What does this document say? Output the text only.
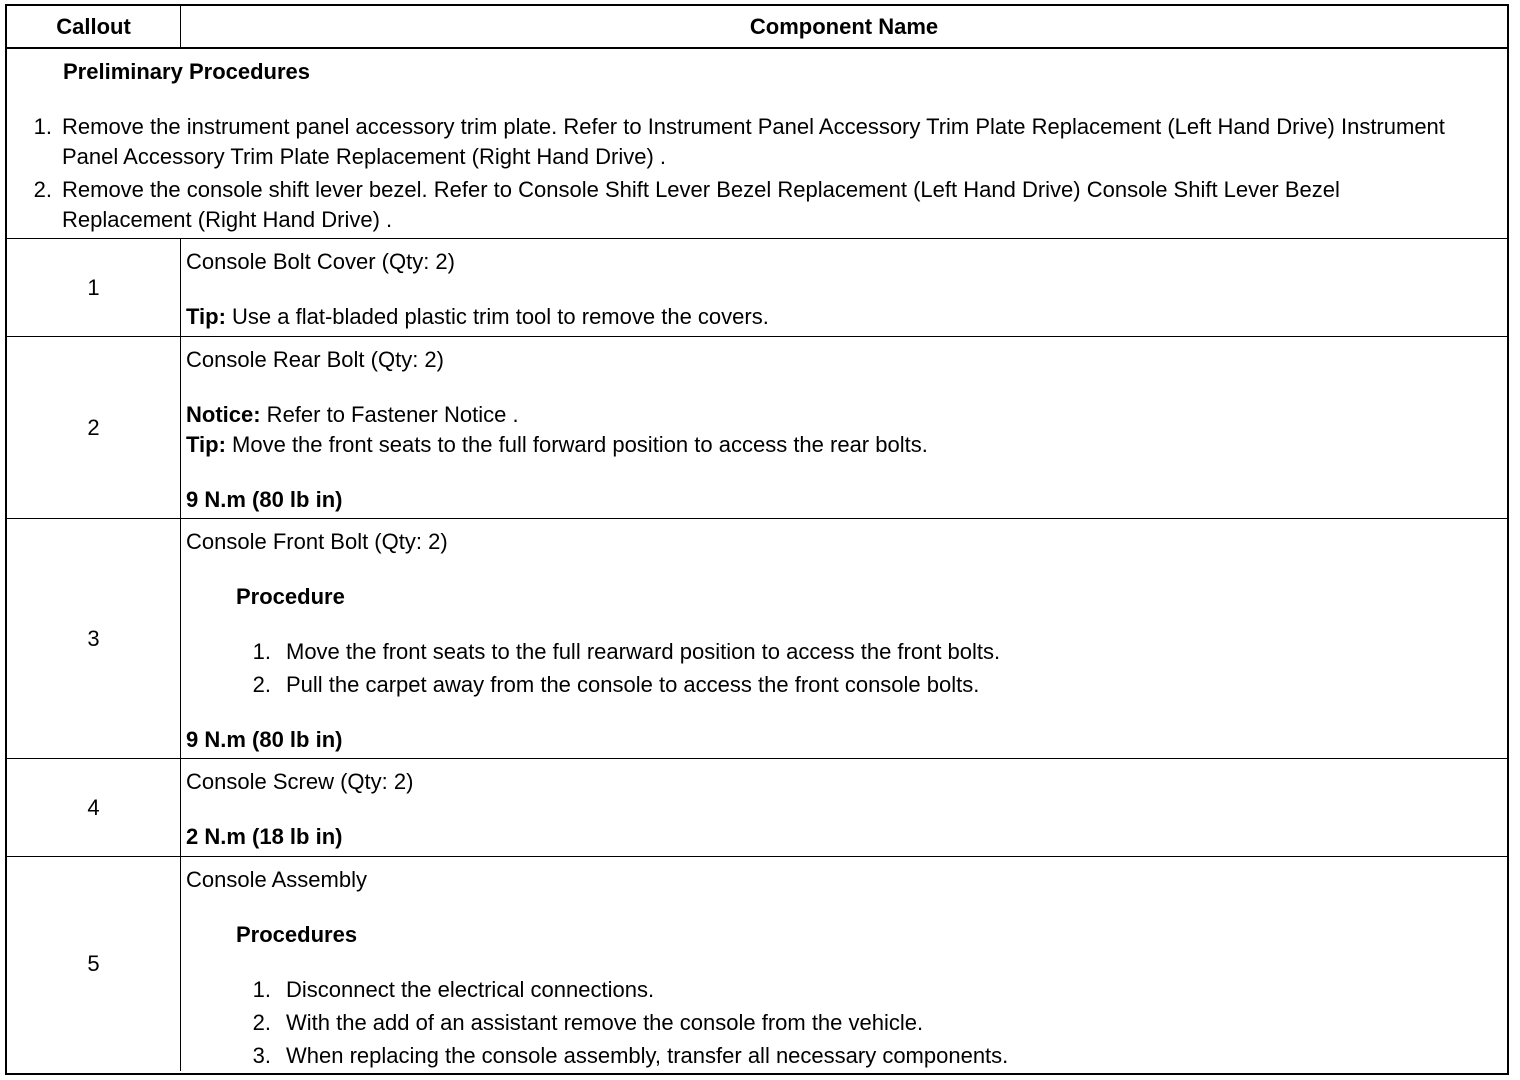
Callout	Component Name
Preliminary Procedures
1. Remove the instrument panel accessory trim plate. Refer to Instrument Panel Accessory Trim Plate Replacement (Left Hand Drive) Instrument Panel Accessory Trim Plate Replacement (Right Hand Drive) .
2. Remove the console shift lever bezel. Refer to Console Shift Lever Bezel Replacement (Left Hand Drive) Console Shift Lever Bezel Replacement (Right Hand Drive) .
1
Console Bolt Cover (Qty: 2)
Tip: Use a flat-bladed plastic trim tool to remove the covers.
2
Console Rear Bolt (Qty: 2)
Notice: Refer to Fastener Notice .
Tip: Move the front seats to the full forward position to access the rear bolts.
9 N.m (80 lb in)
3
Console Front Bolt (Qty: 2)
Procedure
1. Move the front seats to the full rearward position to access the front bolts.
2. Pull the carpet away from the console to access the front console bolts.
9 N.m (80 lb in)
4
Console Screw (Qty: 2)
2 N.m (18 lb in)
5
Console Assembly
Procedures
1. Disconnect the electrical connections.
2. With the add of an assistant remove the console from the vehicle.
3. When replacing the console assembly, transfer all necessary components.
